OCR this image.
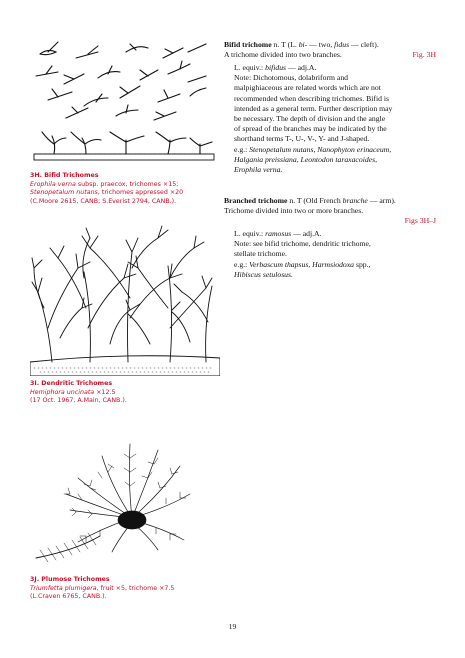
3H. Bifid Trichomes
Erophila verna subsp. praecox, trichomes ×15;
Stenopetalum nutans, trichomes appressed ×20
(C.Moore 2615, CANB; S.Everist 2794, CANB.).
3I. Dendritic Trichomes
Hemiphora uncinata ×12.5
(17 Oct. 1967, A.Main, CANB.).
3J. Plumose Trichomes
Triumfetta plumigera, fruit ×5, trichome ×7.5
(L.Craven 6765, CANB.).
Bifid trichome n. T (L. bi- — two, fidus — cleft).
A trichome divided into two branches.	Fig. 3H
L. equiv.: bifidus — adj.A.
Note: Dichotomous, dolabriform and
malpighiaceous are related words which are not
recommended when describing trichomes. Bifid is
intended as a general term. Further description may
be necessary. The depth of division and the angle
of spread of the branches may be indicated by the
shorthand terms T-, U-, V-, Y- and J-shaped.
e.g.: Stenopetalum nutans, Nanophyton erinaceum,
Halgania preissiana, Leontodon taraxacoides,
Erophila verna.
Branched trichome n. T (Old French branche — arm).
Trichome divided into two or more branches.
Figs 3H–J
L. equiv.: ramosus — adj.A.
Note: see bifid trichome, dendritic trichome,
stellate trichome.
e.g.: Verbascum thapsus, Harmsiodoxa spp.,
Hibiscus setulosus.
19
